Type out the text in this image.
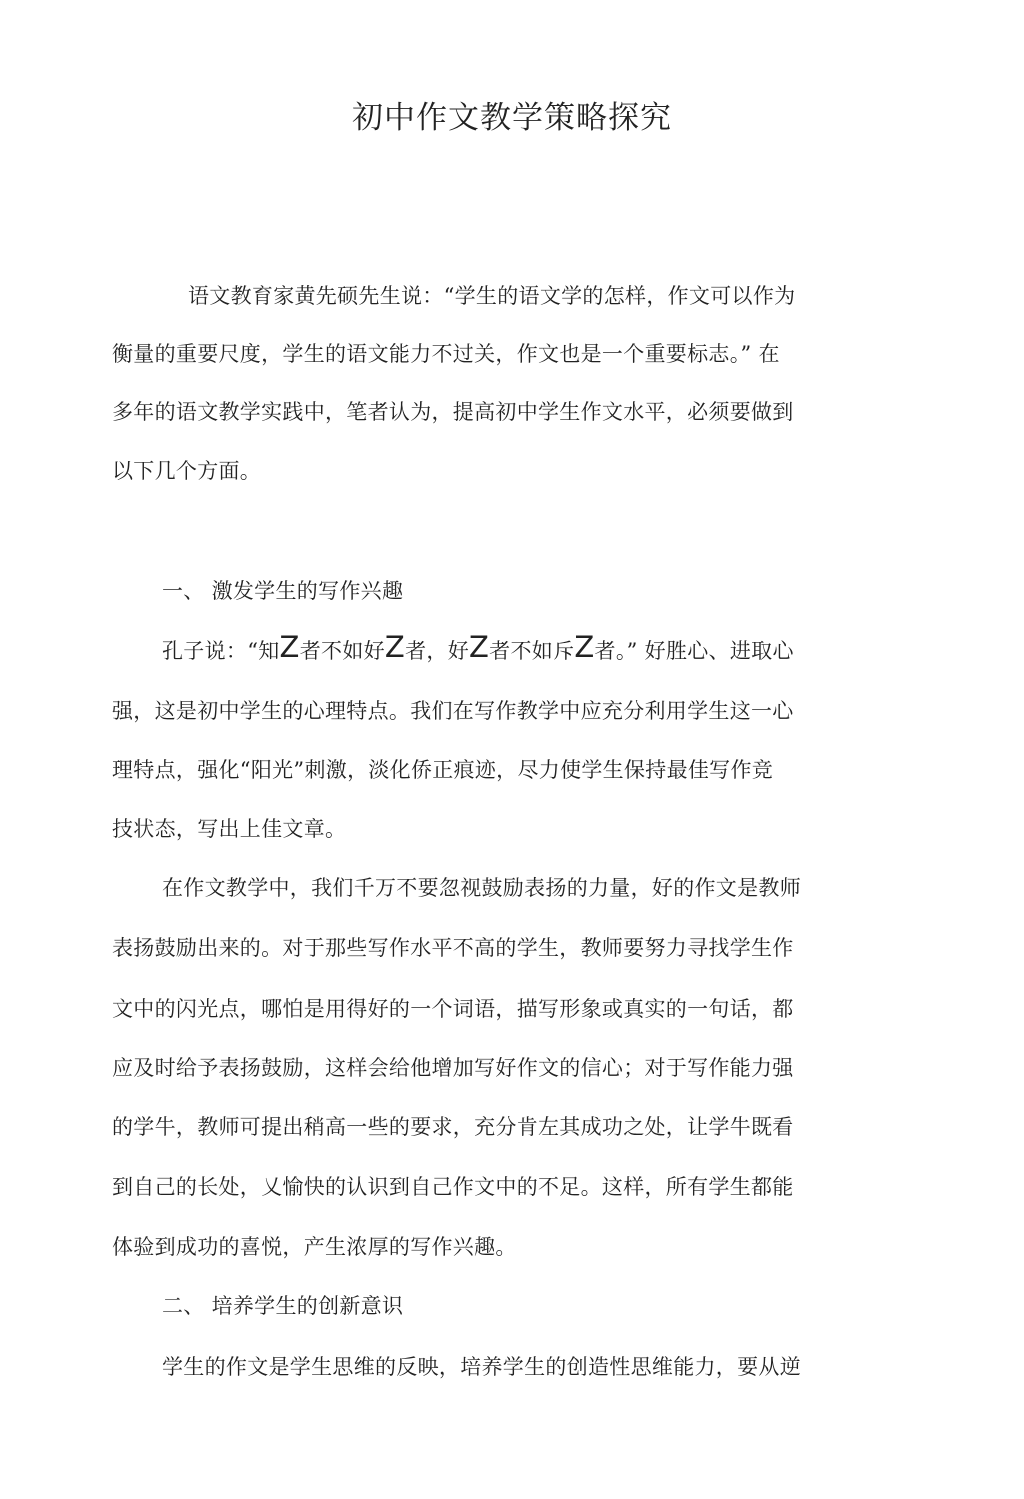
初中作文教学策略探究
语文教育家黄先硕先生说：“学生的语文学的怎样，作文可以作为
衡量的重要尺度，学生的语文能力不过关，作文也是一个重要标志。” 在
多年的语文教学实践中，笔者认为，提高初中学生作文水平，必须要做到
以下几个方面。
一、 激发学生的写作兴趣
孔子说：“知Z者不如好Z者，好Z者不如斥Z者。” 好胜心、进取心
强，这是初中学生的心理特点。我们在写作教学中应充分利用学生这一心
理特点，强化“阳光”刺激，淡化侨正痕迹，尽力使学生保持最佳写作竞
技状态，写出上佳文章。
在作文教学中，我们千万不要忽视鼓励表扬的力量，好的作文是教师
表扬鼓励出来的。对于那些写作水平不高的学生，教师要努力寻找学生作
文中的闪光点，哪怕是用得好的一个词语，描写形象或真实的一句话，都
应及时给予表扬鼓励，这样会给他增加写好作文的信心；对于写作能力强
的学牛，教师可提出稍高一些的要求，充分肯左其成功之处，让学牛既看
到自己的长处，乂愉快的认识到自己作文中的不足。这样，所有学生都能
体验到成功的喜悦，产生浓厚的写作兴趣。
二、 培养学生的创新意识
学生的作文是学生思维的反映，培养学生的创造性思维能力，要从逆
